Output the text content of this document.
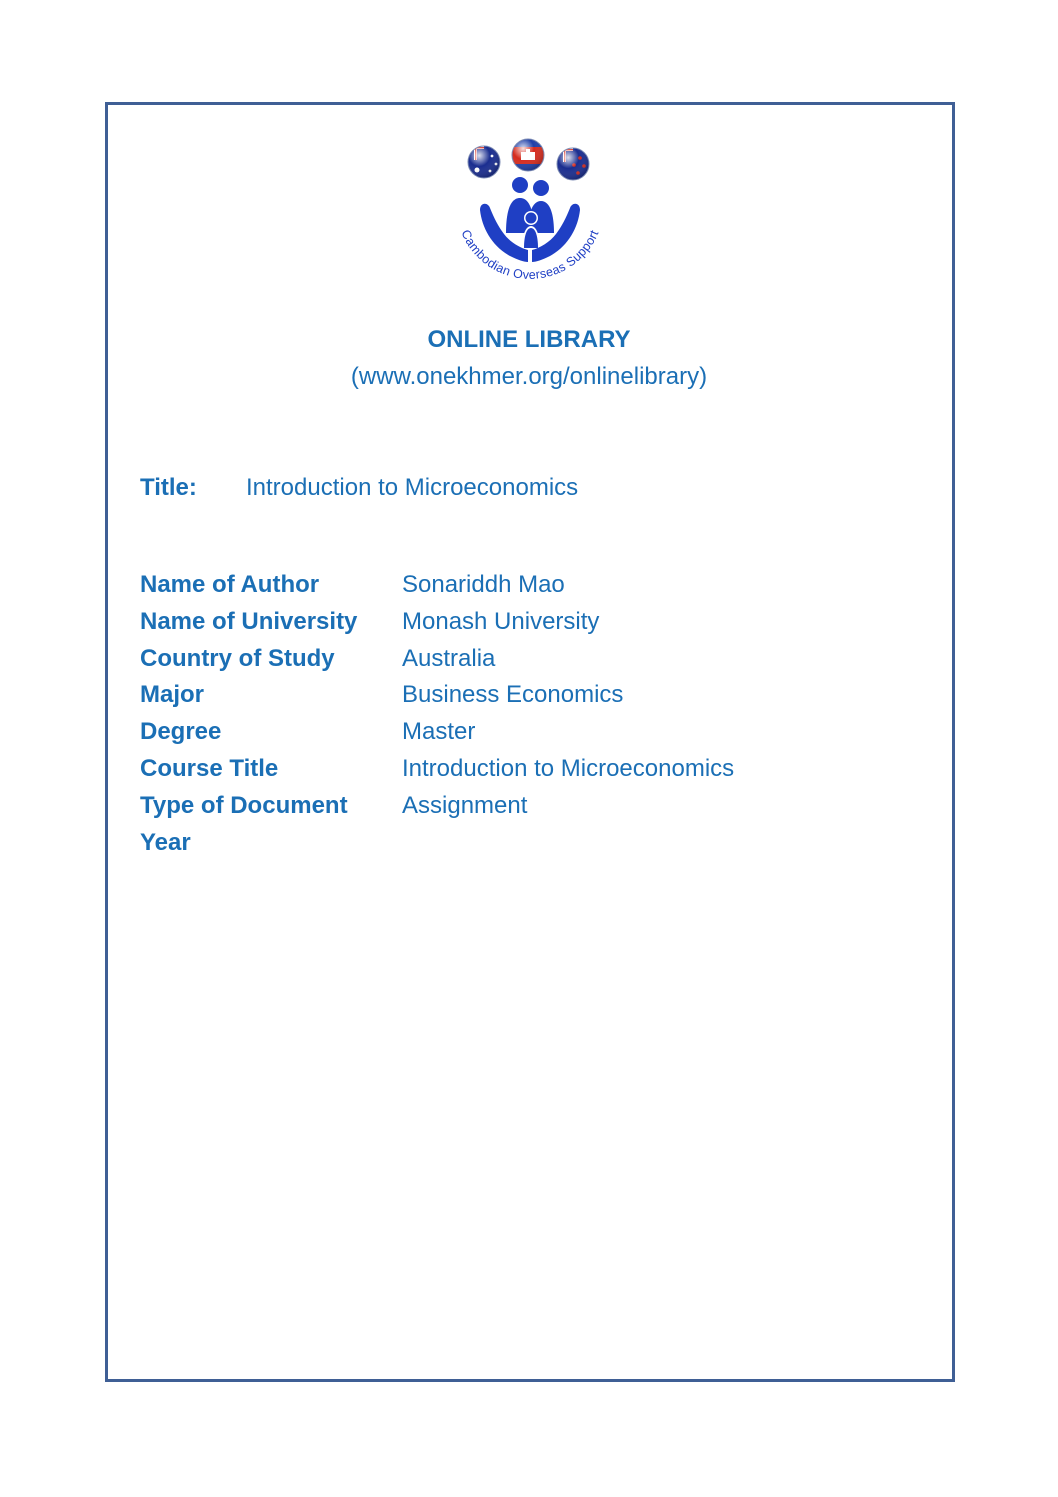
Cambodian Overseas Support
ONLINE LIBRARY
(www.onekhmer.org/onlinelibrary)
Title: Introduction to Microeconomics
Name of Author	Sonariddh Mao
Name of University Monash University
Country of Study	Australia
Major	Business Economics
Degree	Master
Course Title	Introduction to Microeconomics
Type of Document Assignment
Year
